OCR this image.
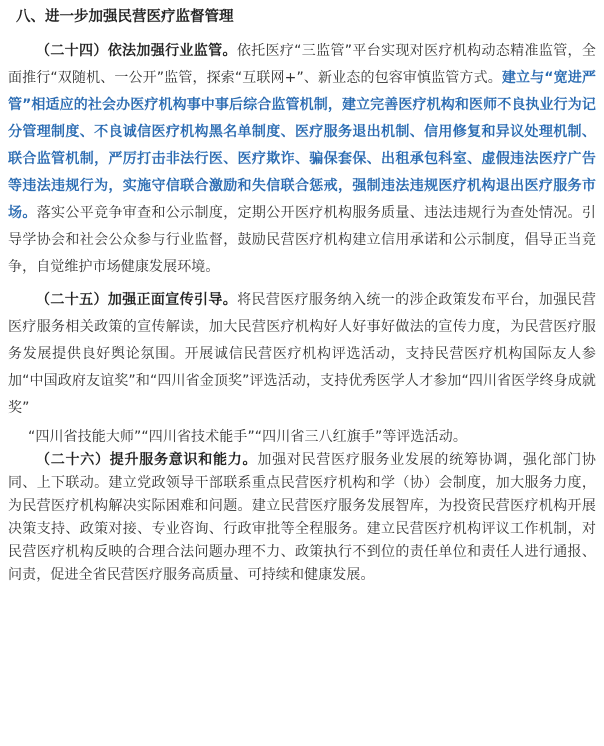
八、进一步加强民营医疗监督管理

（二十四）依法加强行业监管。依托医疗“三监管”平台实现对医疗机构动态精准监管，全面推行“双随机、一公开”监管，探索“互联网+”、新业态的包容审慎监管方式。建立与“宽进严管”相适应的社会办医疗机构事中事后综合监管机制，建立完善医疗机构和医师不良执业行为记分管理制度、不良诚信医疗机构黑名单制度、医疗服务退出机制、信用修复和异议处理机制、联合监管机制，严厉打击非法行医、医疗欺诈、骗保套保、出租承包科室、虚假违法医疗广告等违法违规行为，实施守信联合激励和失信联合惩戒，强制违法违规医疗机构退出医疗服务市场。落实公平竞争审查和公示制度，定期公开医疗机构服务质量、违法违规行为查处情况。引导学协会和社会公众参与行业监督，鼓励民营医疗机构建立信用承诺和公示制度，倡导正当竞争，自觉维护市场健康发展环境。

（二十五）加强正面宣传引导。将民营医疗服务纳入统一的涉企政策发布平台，加强民营医疗服务相关政策的宣传解读，加大民营医疗机构好人好事好做法的宣传力度，为民营医疗服务发展提供良好舆论氛围。开展诚信民营医疗机构评选活动，支持民营医疗机构国际友人参加“中国政府友谊奖”和“四川省金顶奖”评选活动，支持优秀医学人才参加“四川省医学终身成就奖”

“四川省技能大师”“四川省技术能手”“四川省三八红旗手”等评选活动。

（二十六）提升服务意识和能力。加强对民营医疗服务业发展的统筹协调，强化部门协同、上下联动。建立党政领导干部联系重点民营医疗机构和学（协）会制度，加大服务力度，为民营医疗机构解决实际困难和问题。建立民营医疗服务发展智库，为投资民营医疗机构开展决策支持、政策对接、专业咨询、行政审批等全程服务。建立民营医疗机构评议工作机制，对民营医疗机构反映的合理合法问题办理不力、政策执行不到位的责任单位和责任人进行通报、问责，促进全省民营医疗服务高质量、可持续和健康发展。
